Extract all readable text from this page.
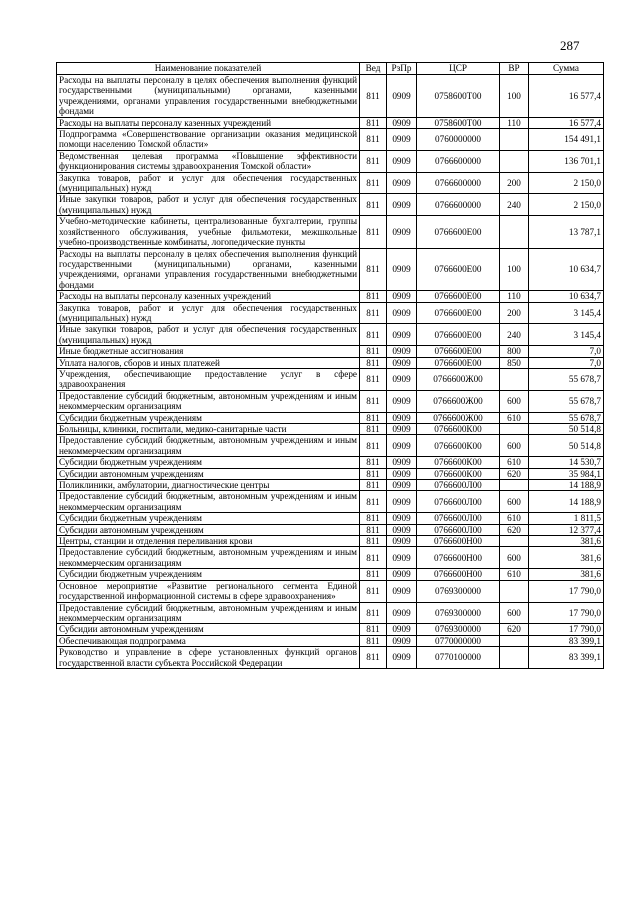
287
Наименование показателей	Вед	РзПр	ЦСР	ВР	Сумма
Расходы на выплаты персоналу в целях обеспечения выполнения функций государственными (муниципальными) органами, казенными учреждениями, органами управления государственными внебюджетными фондами	811	0909	0758600Т00	100	16 577,4
Расходы на выплаты персоналу казенных учреждений	811	0909	0758600Т00	110	16 577,4
Подпрограмма «Совершенствование организации оказания медицинской помощи населению Томской области»	811	0909	0760000000		154 491,1
Ведомственная целевая программа «Повышение эффективности функционирования системы здравоохранения Томской области»	811	0909	0766600000		136 701,1
Закупка товаров, работ и услуг для обеспечения государственных (муниципальных) нужд	811	0909	0766600000	200	2 150,0
Иные закупки товаров, работ и услуг для обеспечения государственных (муниципальных) нужд	811	0909	0766600000	240	2 150,0
Учебно-методические кабинеты, централизованные бухгалтерии, группы хозяйственного обслуживания, учебные фильмотеки, межшкольные учебно-производственные комбинаты, логопедические пункты	811	0909	0766600Е00		13 787,1
Расходы на выплаты персоналу в целях обеспечения выполнения функций государственными (муниципальными) органами, казенными учреждениями, органами управления государственными внебюджетными фондами	811	0909	0766600Е00	100	10 634,7
Расходы на выплаты персоналу казенных учреждений	811	0909	0766600Е00	110	10 634,7
Закупка товаров, работ и услуг для обеспечения государственных (муниципальных) нужд	811	0909	0766600Е00	200	3 145,4
Иные закупки товаров, работ и услуг для обеспечения государственных (муниципальных) нужд	811	0909	0766600Е00	240	3 145,4
Иные бюджетные ассигнования	811	0909	0766600Е00	800	7,0
Уплата налогов, сборов и иных платежей	811	0909	0766600Е00	850	7,0
Учреждения, обеспечивающие предоставление услуг в сфере здравоохранения	811	0909	0766600Ж00		55 678,7
Предоставление субсидий бюджетным, автономным учреждениям и иным некоммерческим организациям	811	0909	0766600Ж00	600	55 678,7
Субсидии бюджетным учреждениям	811	0909	0766600Ж00	610	55 678,7
Больницы, клиники, госпитали, медико-санитарные части	811	0909	0766600К00		50 514,8
Предоставление субсидий бюджетным, автономным учреждениям и иным некоммерческим организациям	811	0909	0766600К00	600	50 514,8
Субсидии бюджетным учреждениям	811	0909	0766600К00	610	14 530,7
Субсидии автономным учреждениям	811	0909	0766600К00	620	35 984,1
Поликлиники, амбулатории, диагностические центры	811	0909	0766600Л00		14 188,9
Предоставление субсидий бюджетным, автономным учреждениям и иным некоммерческим организациям	811	0909	0766600Л00	600	14 188,9
Субсидии бюджетным учреждениям	811	0909	0766600Л00	610	1 811,5
Субсидии автономным учреждениям	811	0909	0766600Л00	620	12 377,4
Центры, станции и отделения переливания крови	811	0909	0766600Н00		381,6
Предоставление субсидий бюджетным, автономным учреждениям и иным некоммерческим организациям	811	0909	0766600Н00	600	381,6
Субсидии бюджетным учреждениям	811	0909	0766600Н00	610	381,6
Основное мероприятие «Развитие регионального сегмента Единой государственной информационной системы в сфере здравоохранения»	811	0909	0769300000		17 790,0
Предоставление субсидий бюджетным, автономным учреждениям и иным некоммерческим организациям	811	0909	0769300000	600	17 790,0
Субсидии автономным учреждениям	811	0909	0769300000	620	17 790,0
Обеспечивающая подпрограмма	811	0909	0770000000		83 399,1
Руководство и управление в сфере установленных функций органов государственной власти субъекта Российской Федерации	811	0909	0770100000		83 399,1
